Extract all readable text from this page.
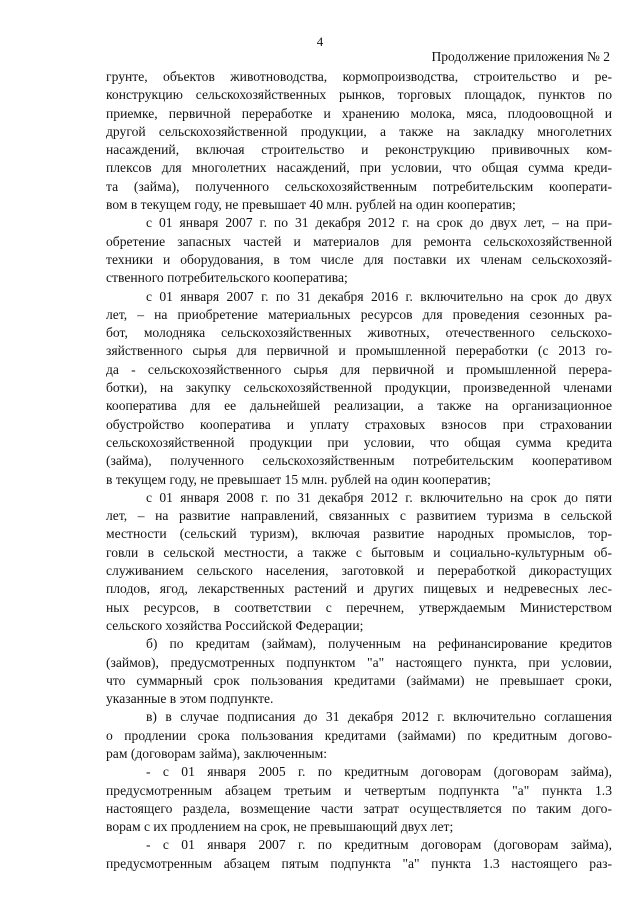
4
Продолжение приложения № 2
грунте, объектов животноводства, кормопроизводства, строительство и ре-
конструкцию сельскохозяйственных рынков, торговых площадок, пунктов по
приемке, первичной переработке и хранению молока, мяса, плодоовощной и
другой сельскохозяйственной продукции, а также на закладку многолетних
насаждений, включая строительство и реконструкцию прививочных ком-
плексов для многолетних насаждений, при условии, что общая сумма креди-
та (займа), полученного сельскохозяйственным потребительским кооперати-
вом в текущем году, не превышает 40 млн. рублей на один кооператив;
с 01 января 2007 г. по 31 декабря 2012 г. на срок до двух лет, – на при-
обретение запасных частей и материалов для ремонта сельскохозяйственной
техники и оборудования, в том числе для поставки их членам сельскохозяй-
ственного потребительского кооператива;
с 01 января 2007 г. по 31 декабря 2016 г. включительно на срок до двух
лет, – на приобретение материальных ресурсов для проведения сезонных ра-
бот, молодняка сельскохозяйственных животных, отечественного сельскохо-
зяйственного сырья для первичной и промышленной переработки (с 2013 го-
да - сельскохозяйственного сырья для первичной и промышленной перера-
ботки), на закупку сельскохозяйственной продукции, произведенной членами
кооператива для ее дальнейшей реализации, а также на организационное
обустройство кооператива и уплату страховых взносов при страховании
сельскохозяйственной продукции при условии, что общая сумма кредита
(займа), полученного сельскохозяйственным потребительским кооперативом
в текущем году, не превышает 15 млн. рублей на один кооператив;
с 01 января 2008 г. по 31 декабря 2012 г. включительно на срок до пяти
лет, – на развитие направлений, связанных с развитием туризма в сельской
местности (сельский туризм), включая развитие народных промыслов, тор-
говли в сельской местности, а также с бытовым и социально-культурным об-
служиванием сельского населения, заготовкой и переработкой дикорастущих
плодов, ягод, лекарственных растений и других пищевых и недревесных лес-
ных ресурсов, в соответствии с перечнем, утверждаемым Министерством
сельского хозяйства Российской Федерации;
б) по кредитам (займам), полученным на рефинансирование кредитов
(займов), предусмотренных подпунктом "а" настоящего пункта, при условии,
что суммарный срок пользования кредитами (займами) не превышает сроки,
указанные в этом подпункте.
в) в случае подписания до 31 декабря 2012 г. включительно соглашения
о продлении срока пользования кредитами (займами) по кредитным догово-
рам (договорам займа), заключенным:
- с 01 января 2005 г. по кредитным договорам (договорам займа),
предусмотренным абзацем третьим и четвертым подпункта "а" пункта 1.3
настоящего раздела, возмещение части затрат осуществляется по таким дого-
ворам с их продлением на срок, не превышающий двух лет;
- с 01 января 2007 г. по кредитным договорам (договорам займа),
предусмотренным абзацем пятым подпункта "а" пункта 1.3 настоящего раз-
